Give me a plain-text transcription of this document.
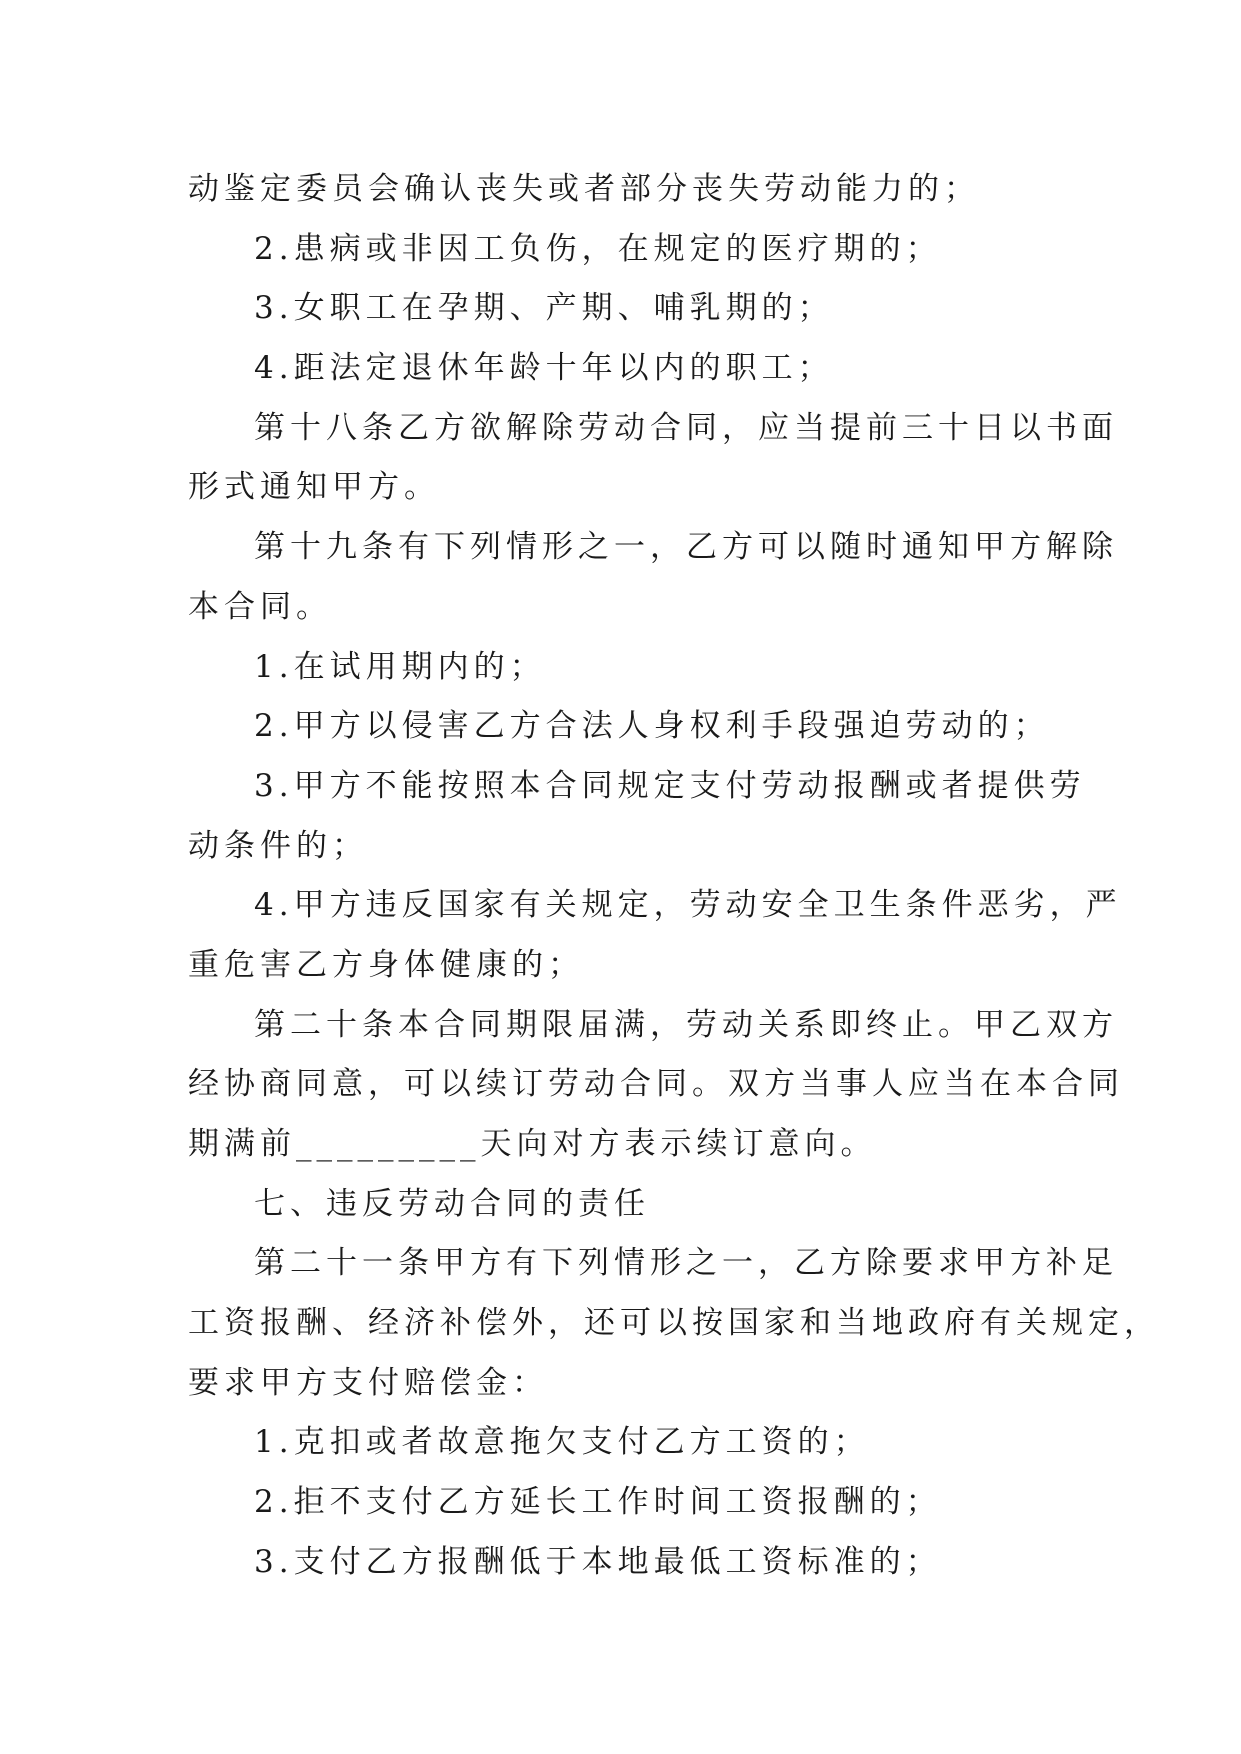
动鉴定委员会确认丧失或者部分丧失劳动能力的；
2.患病或非因工负伤，在规定的医疗期的；
3.女职工在孕期、产期、哺乳期的；
4.距法定退休年龄十年以内的职工；
第十八条乙方欲解除劳动合同，应当提前三十日以书面
形式通知甲方。
第十九条有下列情形之一，乙方可以随时通知甲方解除
本合同。
1.在试用期内的；
2.甲方以侵害乙方合法人身权利手段强迫劳动的；
3.甲方不能按照本合同规定支付劳动报酬或者提供劳
动条件的；
4.甲方违反国家有关规定，劳动安全卫生条件恶劣，严
重危害乙方身体健康的；
第二十条本合同期限届满，劳动关系即终止。甲乙双方
经协商同意，可以续订劳动合同。双方当事人应当在本合同
期满前_________天向对方表示续订意向。
七、违反劳动合同的责任
第二十一条甲方有下列情形之一，乙方除要求甲方补足
工资报酬、经济补偿外，还可以按国家和当地政府有关规定，
要求甲方支付赔偿金：
1.克扣或者故意拖欠支付乙方工资的；
2.拒不支付乙方延长工作时间工资报酬的；
3.支付乙方报酬低于本地最低工资标准的；
